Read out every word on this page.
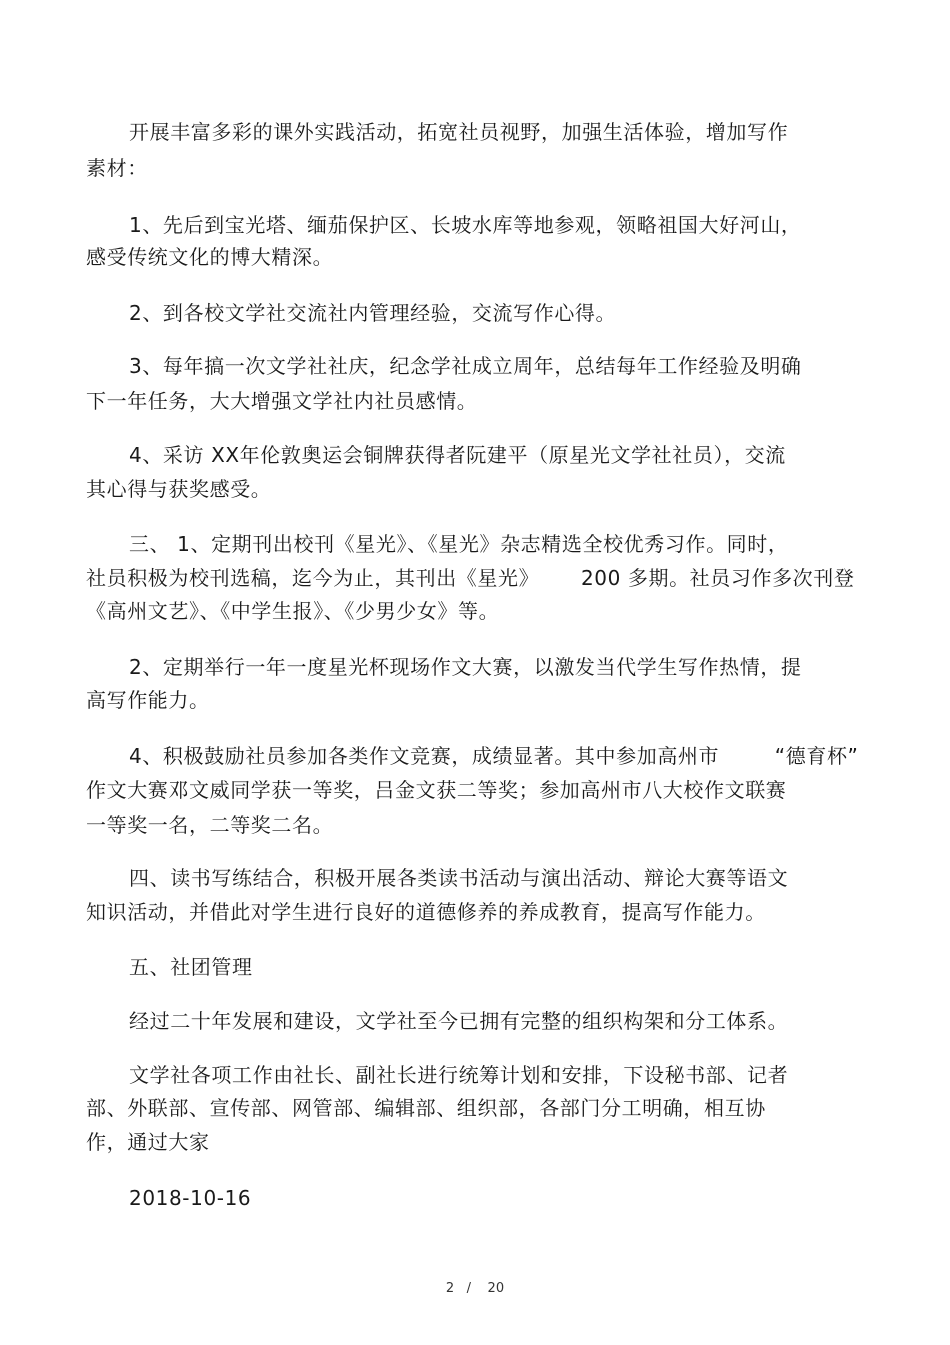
开展丰富多彩的课外实践活动，拓宽社员视野，加强生活体验，增加写作
素材：
1、先后到宝光塔、缅茄保护区、长坡水库等地参观，领略祖国大好河山，
感受传统文化的博大精深。
2、到各校文学社交流社内管理经验，交流写作心得。
3、每年搞一次文学社社庆，纪念学社成立周年，总结每年工作经验及明确
下一年任务，大大增强文学社内社员感情。
4、采访 XX年伦敦奥运会铜牌获得者阮建平（原星光文学社社员），交流
其心得与获奖感受。
三、 1、定期刊出校刊《星光》、《星光》杂志精选全校优秀习作。同时，
社员积极为校刊选稿，迄今为止，其刊出《星光》      200 多期。社员习作多次刊登
《高州文艺》、《中学生报》、《少男少女》等。
2、定期举行一年一度星光杯现场作文大赛，以激发当代学生写作热情，提
高写作能力。
4、积极鼓励社员参加各类作文竞赛，成绩显著。其中参加高州市        “德育杯”
作文大赛邓文威同学获一等奖，吕金文获二等奖；参加高州市八大校作文联赛
一等奖一名，二等奖二名。
四、读书写练结合，积极开展各类读书活动与演出活动、辩论大赛等语文
知识活动，并借此对学生进行良好的道德修养的养成教育，提高写作能力。
五、社团管理
经过二十年发展和建设，文学社至今已拥有完整的组织构架和分工体系。
文学社各项工作由社长、副社长进行统筹计划和安排，下设秘书部、记者
部、外联部、宣传部、网管部、编辑部、组织部，各部门分工明确，相互协
作，通过大家
2018-10-16
2 / 20
